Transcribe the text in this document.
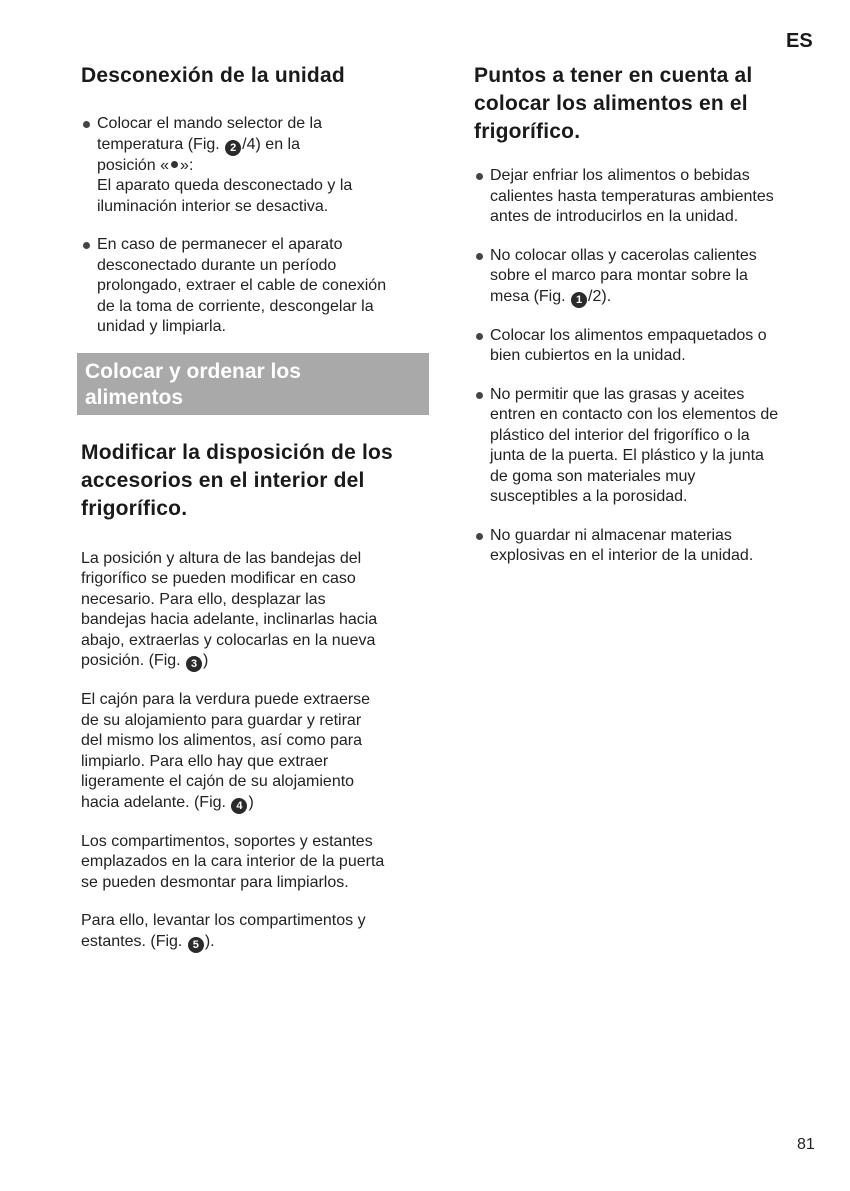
ES
Desconexión de la unidad
Colocar el mando selector de la
temperatura (Fig. 2 /4) en la
posición « »:
El aparato queda desconectado y la
iluminación interior se desactiva.
En caso de permanecer el aparato
desconectado durante un período
prolongado, extraer el cable de conexión
de la toma de corriente, descongelar la
unidad y limpiarla.
Colocar y ordenar los
alimentos
Modificar la disposición de los
accesorios en el interior del
frigorífico.
La posición y altura de las bandejas del
frigorífico se pueden modificar en caso
necesario. Para ello, desplazar las
bandejas hacia adelante, inclinarlas hacia
abajo, extraerlas y colocarlas en la nueva
posición. (Fig. 3 )
El cajón para la verdura puede extraerse
de su alojamiento para guardar y retirar
del mismo los alimentos, así como para
limpiarlo. Para ello hay que extraer
ligeramente el cajón de su alojamiento
hacia adelante. (Fig. 4 )
Los compartimentos, soportes y estantes
emplazados en la cara interior de la puerta
se pueden desmontar para limpiarlos.
Para ello, levantar los compartimentos y
estantes. (Fig. 5 ).
Puntos a tener en cuenta al
colocar los alimentos en el
frigorífico.
Dejar enfriar los alimentos o bebidas
calientes hasta temperaturas ambientes
antes de introducirlos en la unidad.
No colocar ollas y cacerolas calientes
sobre el marco para montar sobre la
mesa (Fig. 1 /2).
Colocar los alimentos empaquetados o
bien cubiertos en la unidad.
No permitir que las grasas y aceites
entren en contacto con los elementos de
plástico del interior del frigorífico o la
junta de la puerta. El plástico y la junta
de goma son materiales muy
susceptibles a la porosidad.
No guardar ni almacenar materias
explosivas en el interior de la unidad.
81
